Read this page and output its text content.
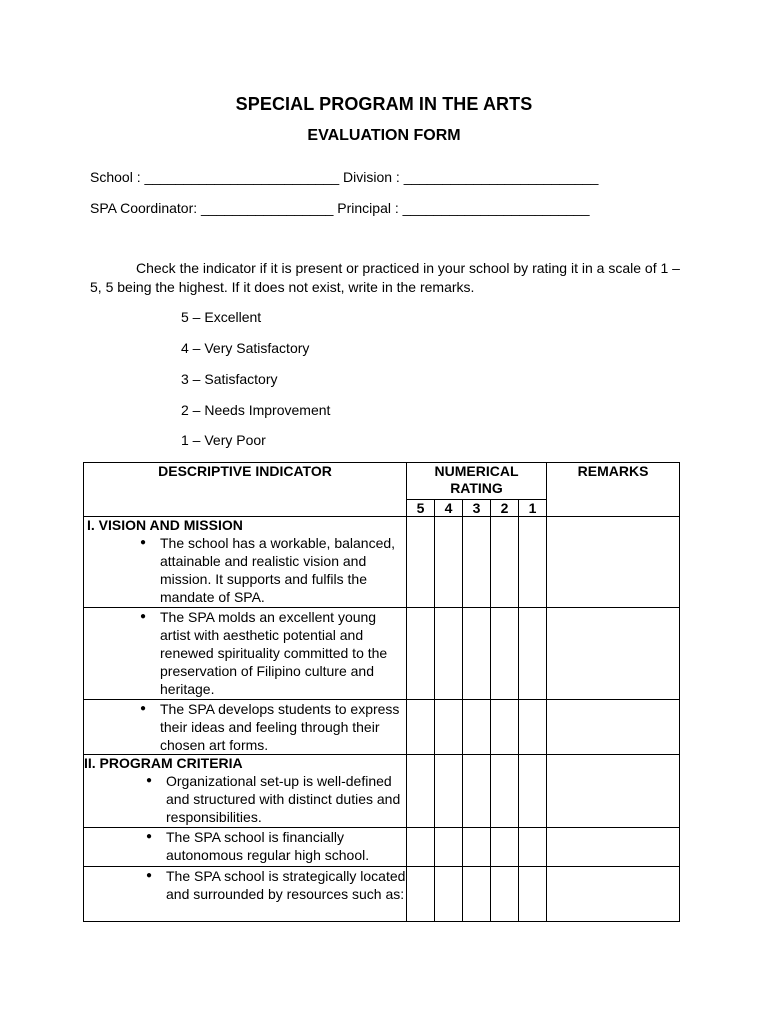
SPECIAL PROGRAM IN THE ARTS
EVALUATION FORM
School : _________________________ Division : _________________________
SPA Coordinator: _________________ Principal : ________________________
Check the indicator if it is present or practiced in your school by rating it in a scale of 1 – 5, 5 being the highest. If it does not exist, write in the remarks.
5 – Excellent
4 – Very Satisfactory
3 – Satisfactory
2 – Needs Improvement
1 – Very Poor
DESCRIPTIVE INDICATOR	NUMERICAL RATING					REMARKS
	5	4	3	2	1	

I. VISION AND MISSION
● The school has a workable, balanced, attainable and realistic vision and mission. It supports and fulfils the mandate of SPA.						

● The SPA molds an excellent young artist with aesthetic potential and renewed spirituality committed to the preservation of Filipino culture and heritage.						

● The SPA develops students to express their ideas and feeling through their chosen art forms.						

II. PROGRAM CRITERIA
● Organizational set-up is well-defined and structured with distinct duties and responsibilities.						

● The SPA school is financially autonomous regular high school.						

● The SPA school is strategically located and surrounded by resources such as:						
